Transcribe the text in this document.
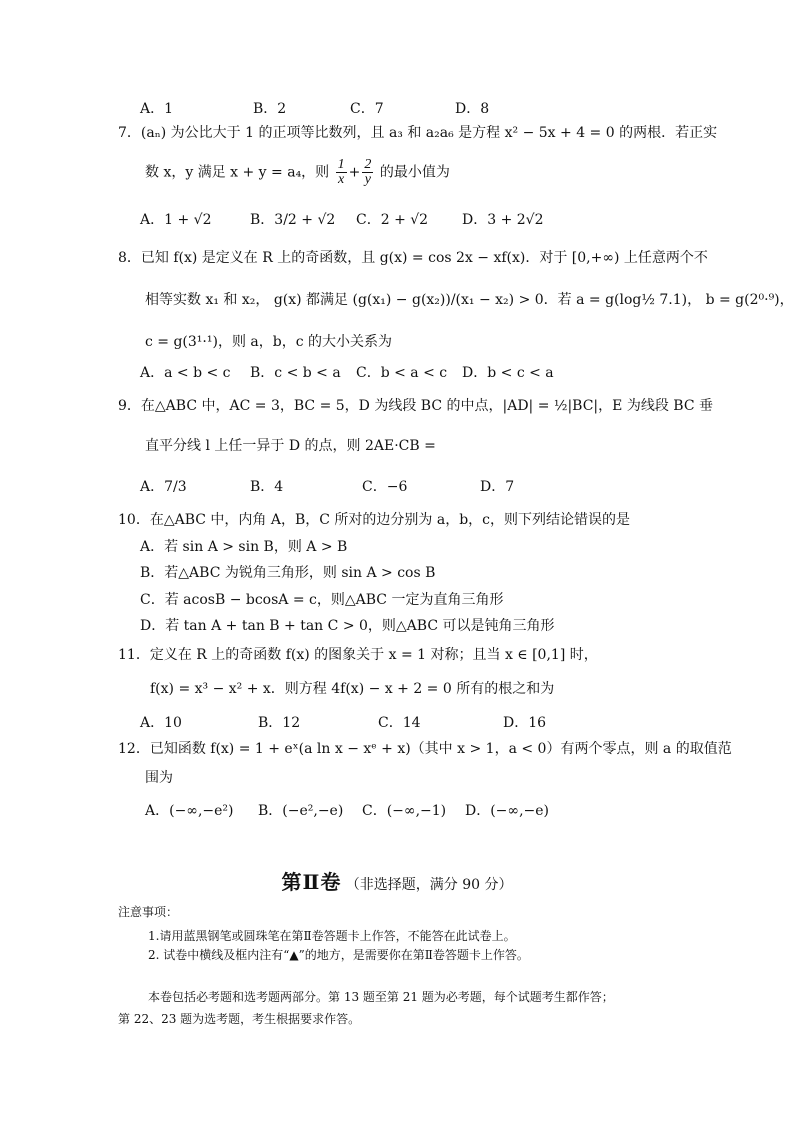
A．1	B．2	C．7	D．8
7．(aₙ) 为公比大于 1 的正项等比数列，且 a₃ 和 a₂a₆ 是方程 x² − 5x + 4 = 0 的两根．若正实
数 x，y 满足 x + y = a₄，则 $\frac{1}{x} + \frac{2}{y}$ 的最小值为
A．1 + √2	B．3/2 + √2 C．2 + √2 D．3 + 2√2
8．已知 f(x) 是定义在 R 上的奇函数，且 g(x) = cos 2x − xf(x)．对于 [0,+∞) 上任意两个不
相等实数 x₁ 和 x₂， g(x) 都满足 (g(x₁) − g(x₂))/(x₁ − x₂) > 0．若 a = g(log½ 7.1)， b = g(2⁰·⁹)，
c = g(3¹·¹)，则 a，b，c 的大小关系为
A．a < b < c B．c < b < a C．b < a < c D．b < c < a
9．在△ABC 中，AC = 3，BC = 5，D 为线段 BC 的中点，|AD| = ½|BC|，E 为线段 BC 垂
直平分线 l 上任一异于 D 的点，则 2AE·CB =
A．7/3	B．4	C．−6	D．7
10．在△ABC 中，内角 A，B，C 所对的边分别为 a，b，c，则下列结论错误的是
A．若 sin A > sin B，则 A > B
B．若△ABC 为锐角三角形，则 sin A > cos B
C．若 acosB − bcosA = c，则△ABC 一定为直角三角形
D．若 tan A + tan B + tan C > 0，则△ABC 可以是钝角三角形
11．定义在 R 上的奇函数 f(x) 的图象关于 x = 1 对称；且当 x ∈ [0,1] 时，
f(x) = x³ − x² + x．则方程 4f(x) − x + 2 = 0 所有的根之和为
A．10	B．12	C．14	D．16
12．已知函数 f(x) = 1 + eˣ(a ln x − xᵉ + x)（其中 x > 1，a < 0）有两个零点，则 a 的取值范
围为
A．(−∞,−e²) B．(−e²,−e) C．(−∞,−1) D．(−∞,−e)
第Ⅱ卷 （非选择题，满分 90 分）
注意事项：
1.请用蓝黑钢笔或圆珠笔在第Ⅱ卷答题卡上作答，不能答在此试卷上。
2. 试卷中横线及框内注有“▲”的地方，是需要你在第Ⅱ卷答题卡上作答。
本卷包括必考题和选考题两部分。第 13 题至第 21 题为必考题，每个试题考生都作答；
第 22、23 题为选考题，考生根据要求作答。
